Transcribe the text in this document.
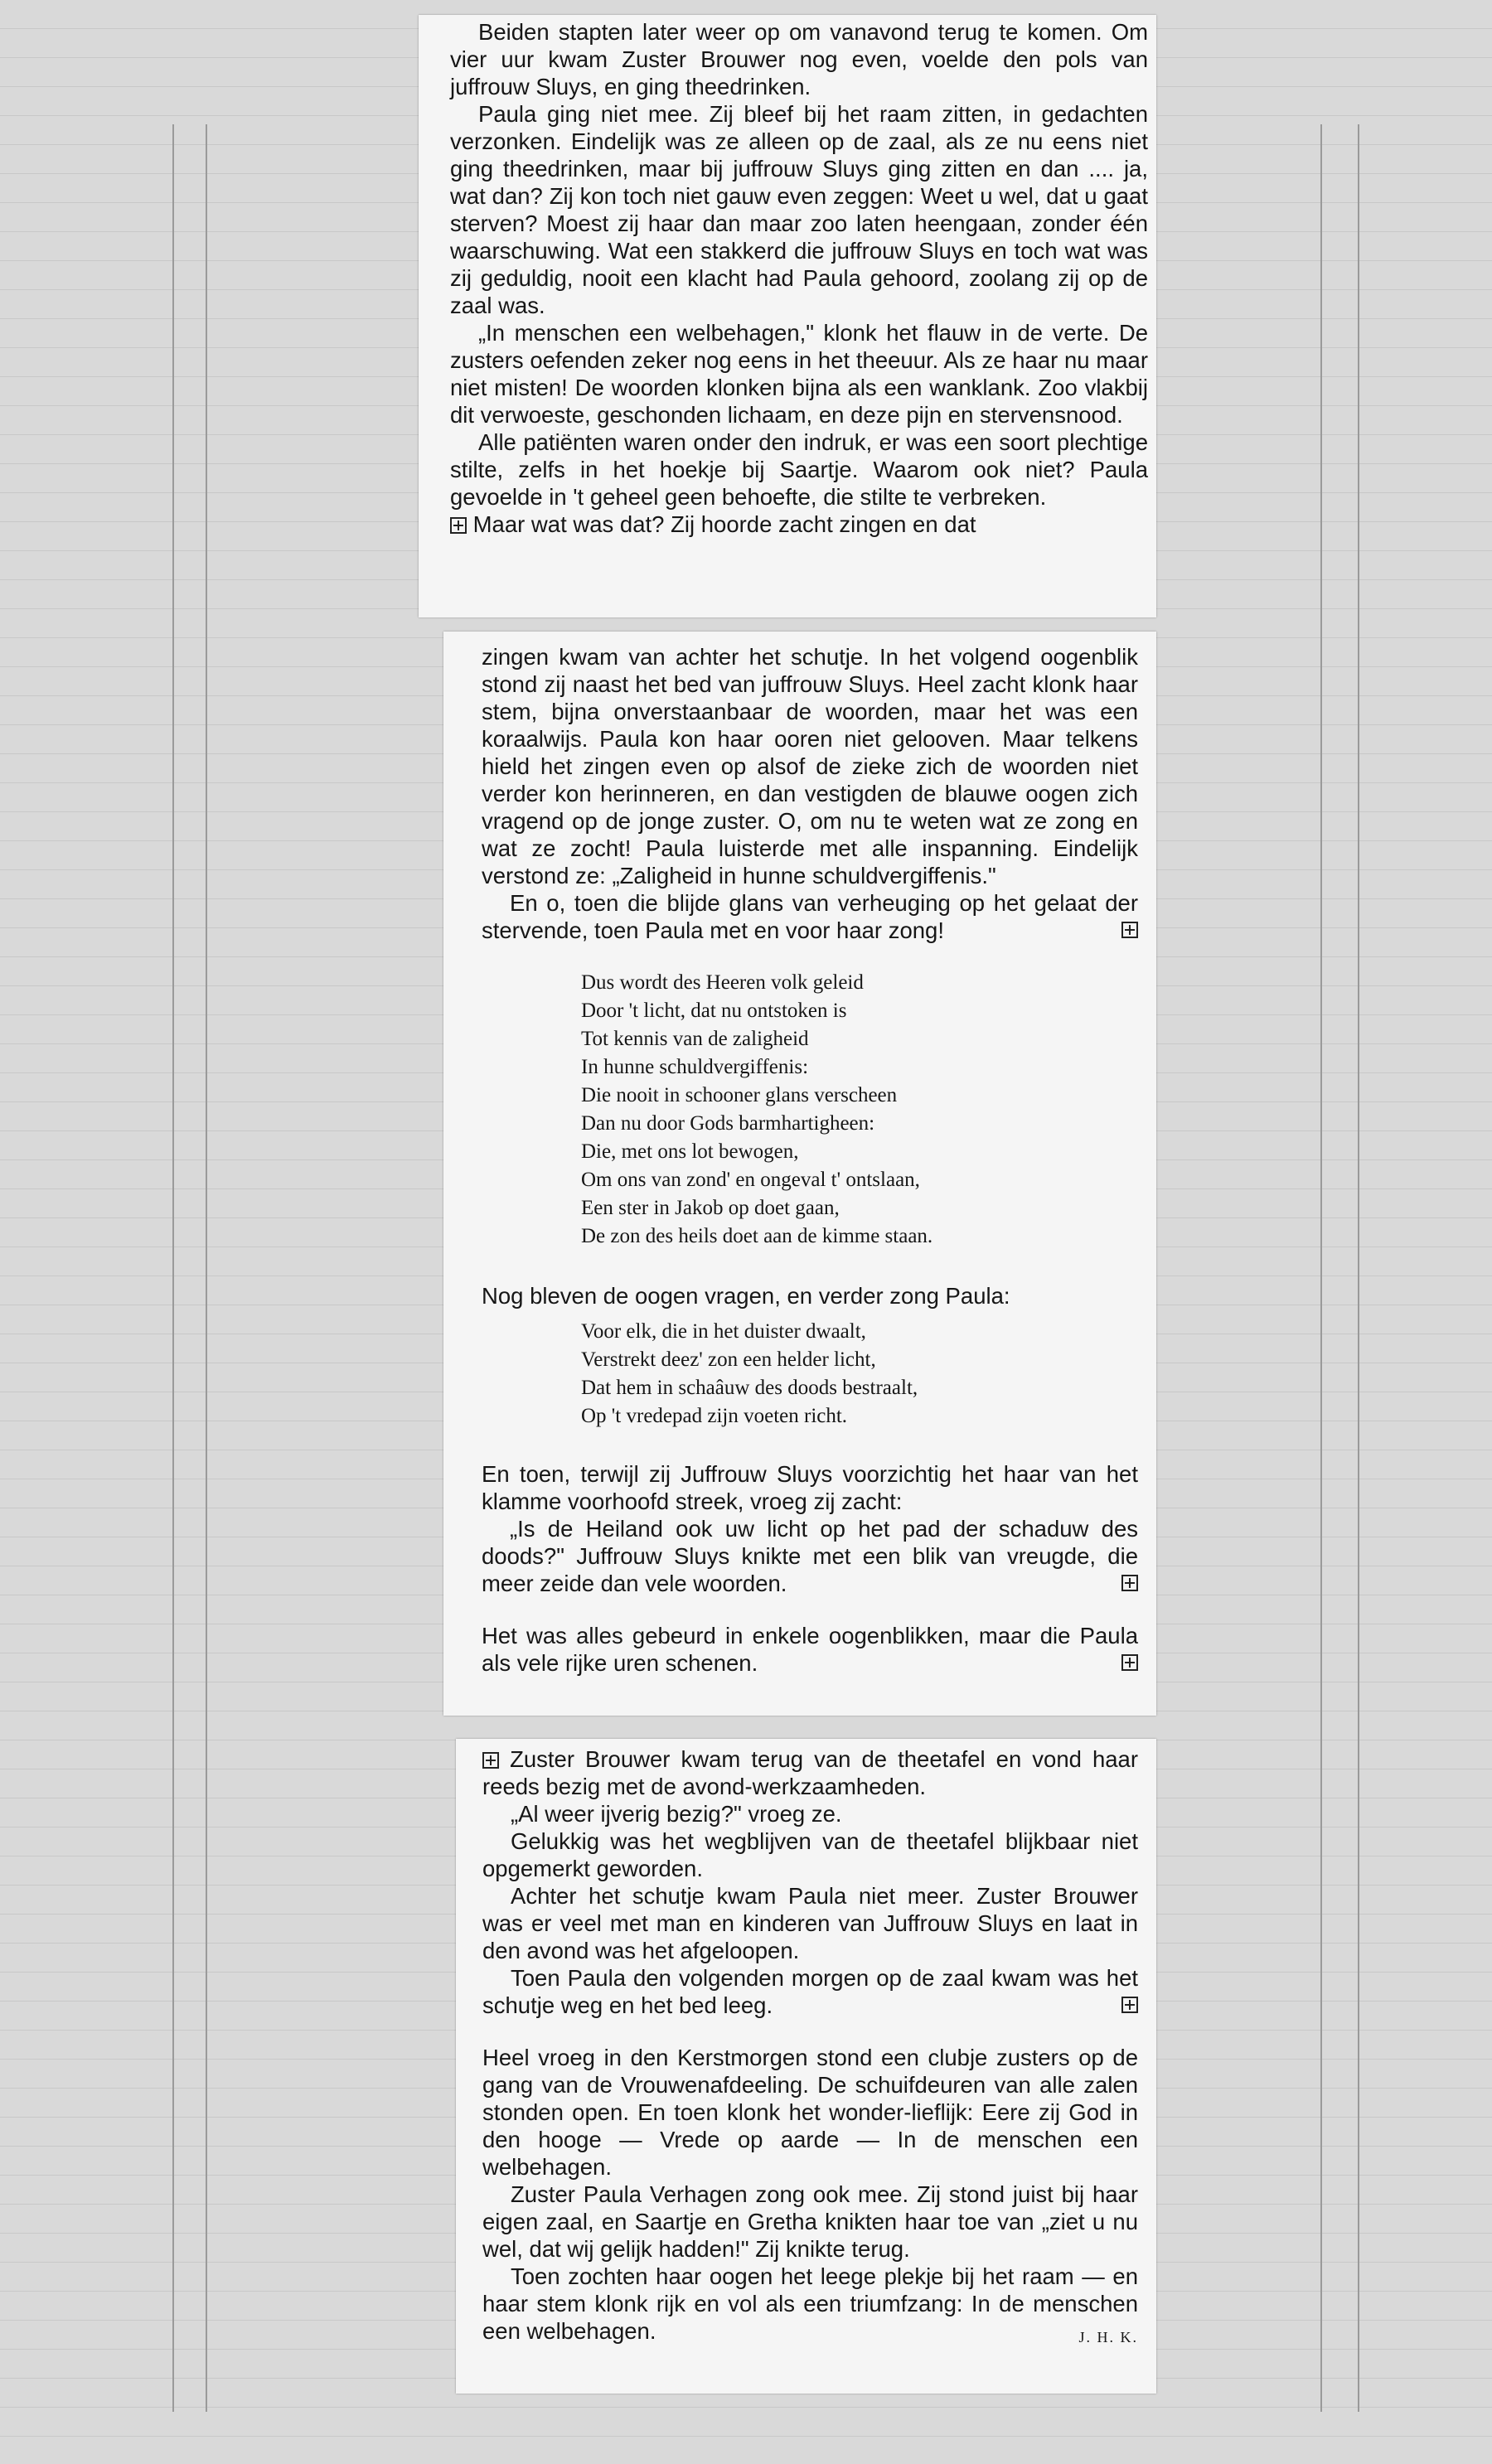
Beiden stapten later weer op om vanavond terug te komen. Om vier uur kwam Zuster Brouwer nog even, voelde den pols van juffrouw Sluys, en ging theedrinken.

Paula ging niet mee. Zij bleef bij het raam zitten, in gedachten verzonken. Eindelijk was ze alleen op de zaal, als ze nu eens niet ging theedrinken, maar bij juffrouw Sluys ging zitten en dan .... ja, wat dan? Zij kon toch niet gauw even zeggen: Weet u wel, dat u gaat sterven? Moest zij haar dan maar zoo laten heengaan, zonder één waarschuwing. Wat een stakkerd die juffrouw Sluys en toch wat was zij geduldig, nooit een klacht had Paula gehoord, zoolang zij op de zaal was.

„In menschen een welbehagen," klonk het flauw in de verte. De zusters oefenden zeker nog eens in het theeuur. Als ze haar nu maar niet misten! De woorden klonken bijna als een wanklank. Zoo vlakbij dit verwoeste, geschonden lichaam, en deze pijn en stervensnood.

Alle patiënten waren onder den indruk, er was een soort plechtige stilte, zelfs in het hoekje bij Saartje. Waarom ook niet? Paula gevoelde in 't geheel geen behoefte, die stilte te verbreken.

Maar wat was dat? Zij hoorde zacht zingen en dat

zingen kwam van achter het schutje. In het volgend oogenblik stond zij naast het bed van juffrouw Sluys. Heel zacht klonk haar stem, bijna onverstaanbaar de woorden, maar het was een koraalwijs. Paula kon haar ooren niet gelooven. Maar telkens hield het zingen even op alsof de zieke zich de woorden niet verder kon herinneren, en dan vestigden de blauwe oogen zich vragend op de jonge zuster. O, om nu te weten wat ze zong en wat ze zocht! Paula luisterde met alle inspanning. Eindelijk verstond ze: „Zaligheid in hunne schuldvergiffenis."

En o, toen die blijde glans van verheuging op het gelaat der stervende, toen Paula met en voor haar zong!

Dus wordt des Heeren volk geleid

Door 't licht, dat nu ontstoken is

Tot kennis van de zaligheid

In hunne schuldvergiffenis:

Die nooit in schooner glans verscheen

Dan nu door Gods barmhartigheen:

Die, met ons lot bewogen,

Om ons van zond' en ongeval t' ontslaan,

Een ster in Jakob op doet gaan,

De zon des heils doet aan de kimme staan.

Nog bleven de oogen vragen, en verder zong Paula:

Voor elk, die in het duister dwaalt,

Verstrekt deez' zon een helder licht,

Dat hem in schaâuw des doods bestraalt,

Op 't vredepad zijn voeten richt.

En toen, terwijl zij Juffrouw Sluys voorzichtig het haar van het klamme voorhoofd streek, vroeg zij zacht:

„Is de Heiland ook uw licht op het pad der schaduw des doods?" Juffrouw Sluys knikte met een blik van vreugde, die meer zeide dan vele woorden.

Het was alles gebeurd in enkele oogenblikken, maar die Paula als vele rijke uren schenen.

Zuster Brouwer kwam terug van de theetafel en vond haar reeds bezig met de avond-werkzaamheden.

„Al weer ijverig bezig?" vroeg ze.

Gelukkig was het wegblijven van de theetafel blijkbaar niet opgemerkt geworden.

Achter het schutje kwam Paula niet meer. Zuster Brouwer was er veel met man en kinderen van Juffrouw Sluys en laat in den avond was het afgeloopen.

Toen Paula den volgenden morgen op de zaal kwam was het schutje weg en het bed leeg.

Heel vroeg in den Kerstmorgen stond een clubje zusters op de gang van de Vrouwenafdeeling. De schuifdeuren van alle zalen stonden open. En toen klonk het wonder-lieflijk: Eere zij God in den hooge — Vrede op aarde — In de menschen een welbehagen.

Zuster Paula Verhagen zong ook mee. Zij stond juist bij haar eigen zaal, en Saartje en Gretha knikten haar toe van „ziet u nu wel, dat wij gelijk hadden!" Zij knikte terug.

Toen zochten haar oogen het leege plekje bij het raam — en haar stem klonk rijk en vol als een triumfzang: In de menschen een welbehagen.	J. H. K.
